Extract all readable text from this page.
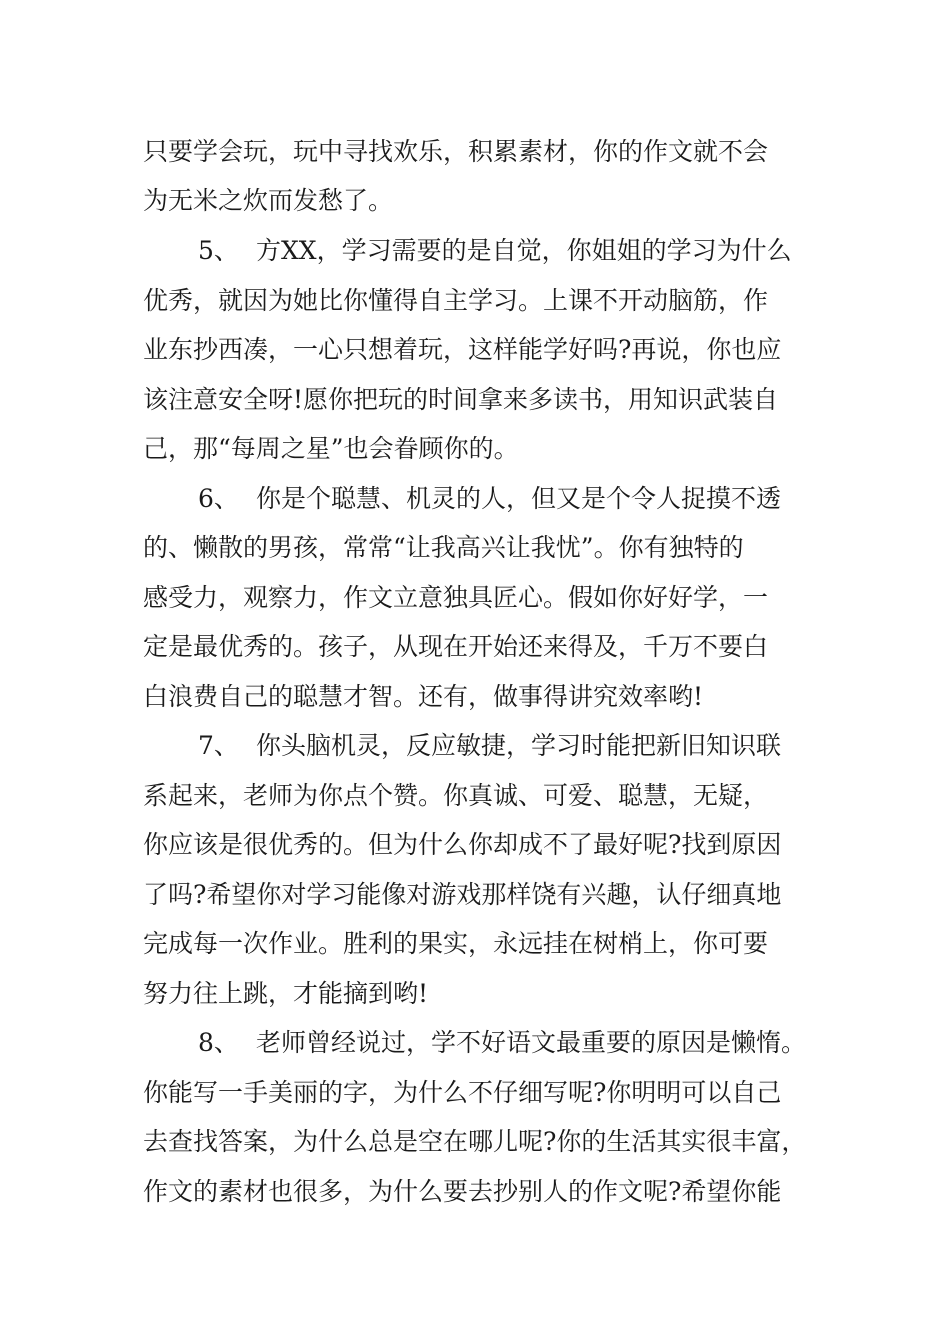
只要学会玩，玩中寻找欢乐，积累素材，你的作文就不会
为无米之炊而发愁了。
5、 方XX，学习需要的是自觉，你姐姐的学习为什么
优秀，就因为她比你懂得自主学习。上课不开动脑筋，作
业东抄西凑，一心只想着玩，这样能学好吗?再说，你也应
该注意安全呀!愿你把玩的时间拿来多读书，用知识武装自
己，那“每周之星”也会眷顾你的。
6、 你是个聪慧、机灵的人，但又是个令人捉摸不透
的、懒散的男孩，常常“让我高兴让我忧”。你有独特的
感受力，观察力，作文立意独具匠心。假如你好好学，一
定是最优秀的。孩子，从现在开始还来得及，千万不要白
白浪费自己的聪慧才智。还有，做事得讲究效率哟!
7、 你头脑机灵，反应敏捷，学习时能把新旧知识联
系起来，老师为你点个赞。你真诚、可爱、聪慧，无疑，
你应该是很优秀的。但为什么你却成不了最好呢?找到原因
了吗?希望你对学习能像对游戏那样饶有兴趣，认仔细真地
完成每一次作业。胜利的果实，永远挂在树梢上，你可要
努力往上跳，才能摘到哟!
8、 老师曾经说过，学不好语文最重要的原因是懒惰。
你能写一手美丽的字，为什么不仔细写呢?你明明可以自己
去查找答案，为什么总是空在哪儿呢?你的生活其实很丰富，
作文的素材也很多，为什么要去抄别人的作文呢?希望你能
